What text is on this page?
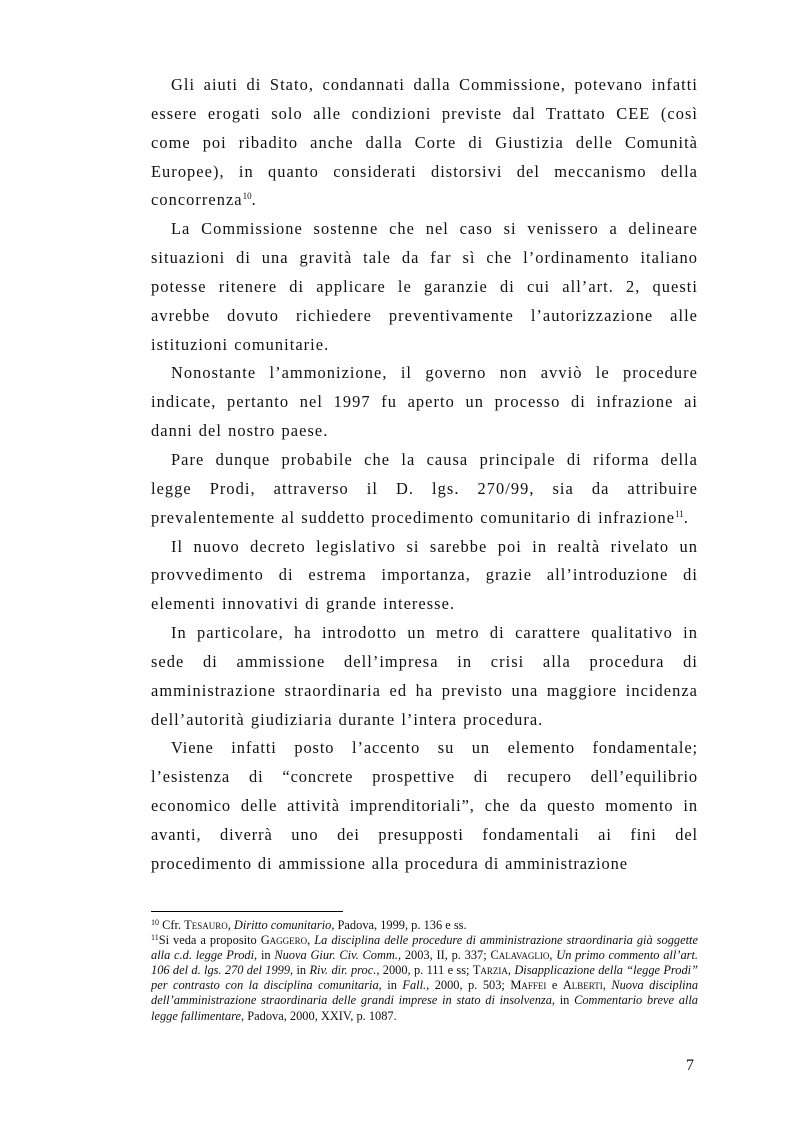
Gli aiuti di Stato, condannati dalla Commissione, potevano infatti essere erogati solo alle condizioni previste dal Trattato CEE (così come poi ribadito anche dalla Corte di Giustizia delle Comunità Europee), in quanto considerati distorsivi del meccanismo della concorrenza$^{10}$.

La Commissione sostenne che nel caso si venissero a delineare situazioni di una gravità tale da far sì che l’ordinamento italiano potesse ritenere di applicare le garanzie di cui all’art. 2, questi avrebbe dovuto richiedere preventivamente l’autorizzazione alle istituzioni comunitarie.

Nonostante l’ammonizione, il governo non avviò le procedure indicate, pertanto nel 1997 fu aperto un processo di infrazione ai danni del nostro paese.

Pare dunque probabile che la causa principale di riforma della legge Prodi, attraverso il D. lgs. 270/99, sia da attribuire prevalentemente al suddetto procedimento comunitario di infrazione$^{11}$.

Il nuovo decreto legislativo si sarebbe poi in realtà rivelato un provvedimento di estrema importanza, grazie all’introduzione di elementi innovativi di grande interesse.

In particolare, ha introdotto un metro di carattere qualitativo in sede di ammissione dell’impresa in crisi alla procedura di amministrazione straordinaria ed ha previsto una maggiore incidenza dell’autorità giudiziaria durante l’intera procedura.

Viene infatti posto l’accento su un elemento fondamentale; l’esistenza di “concrete prospettive di recupero dell’equilibrio economico delle attività imprenditoriali”, che da questo momento in avanti, diverrà uno dei presupposti fondamentali ai fini del procedimento di ammissione alla procedura di amministrazione

$^{10}$ Cfr. Tesauro, Diritto comunitario, Padova, 1999, p. 136 e ss.

$^{11}$Si veda a proposito Gaggero, La disciplina delle procedure di amministrazione straordinaria già soggette alla c.d. legge Prodi, in Nuova Giur. Civ. Comm., 2003, II, p. 337; Calavaglio, Un primo commento all’art. 106 del d. lgs. 270 del 1999, in Riv. dir. proc., 2000, p. 111 e ss; Tarzia, Disapplicazione della “legge Prodi” per contrasto con la disciplina comunitaria, in Fall., 2000, p. 503; Maffei e Alberti, Nuova disciplina dell’amministrazione straordinaria delle grandi imprese in stato di insolvenza, in Commentario breve alla legge fallimentare, Padova, 2000, XXIV, p. 1087.

7
